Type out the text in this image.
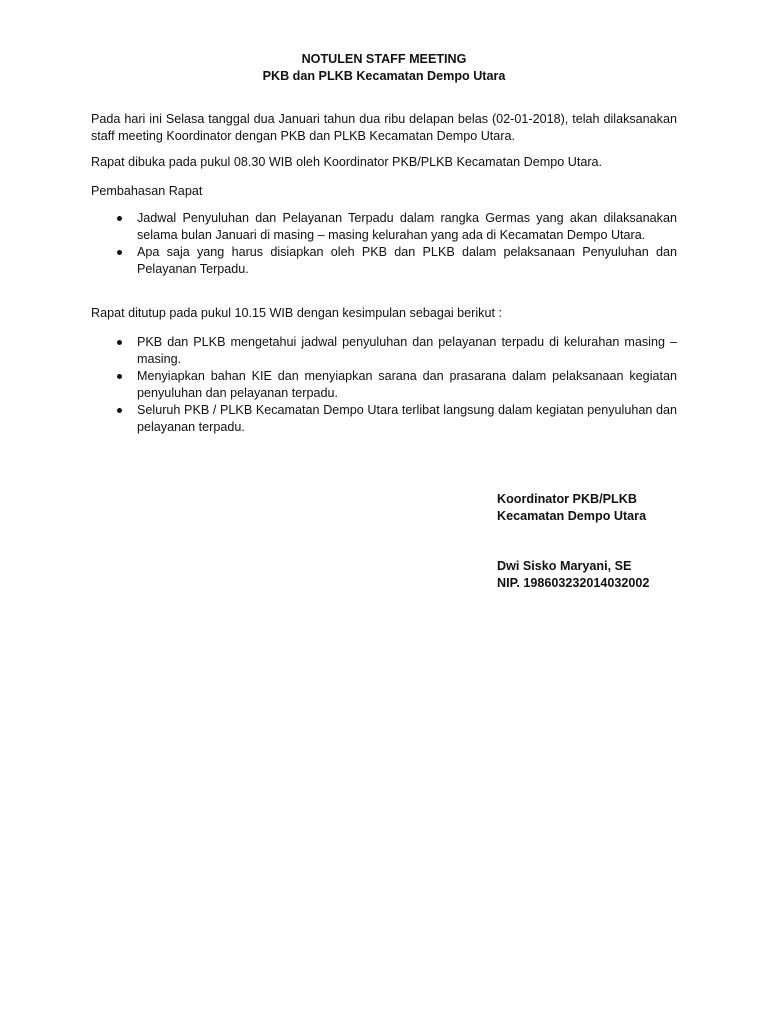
NOTULEN STAFF MEETING
PKB dan PLKB Kecamatan Dempo Utara
Pada hari ini Selasa tanggal dua Januari tahun dua ribu delapan belas (02-01-2018), telah dilaksanakan staff meeting Koordinator dengan PKB dan PLKB Kecamatan Dempo Utara.
Rapat dibuka pada pukul 08.30 WIB oleh Koordinator PKB/PLKB Kecamatan Dempo Utara.
Pembahasan Rapat
Jadwal Penyuluhan dan Pelayanan Terpadu dalam rangka Germas yang akan dilaksanakan selama bulan Januari di masing – masing kelurahan yang ada di Kecamatan Dempo Utara.
Apa saja yang harus disiapkan oleh PKB dan PLKB dalam pelaksanaan Penyuluhan dan Pelayanan Terpadu.
Rapat ditutup pada pukul 10.15 WIB dengan kesimpulan sebagai berikut :
PKB dan PLKB mengetahui jadwal penyuluhan dan pelayanan terpadu di kelurahan masing – masing.
Menyiapkan bahan KIE dan menyiapkan sarana dan prasarana dalam pelaksanaan kegiatan penyuluhan dan pelayanan terpadu.
Seluruh PKB / PLKB Kecamatan Dempo Utara terlibat langsung dalam kegiatan penyuluhan dan pelayanan terpadu.
Koordinator PKB/PLKB
Kecamatan Dempo Utara
Dwi Sisko Maryani, SE
NIP. 198603232014032002
